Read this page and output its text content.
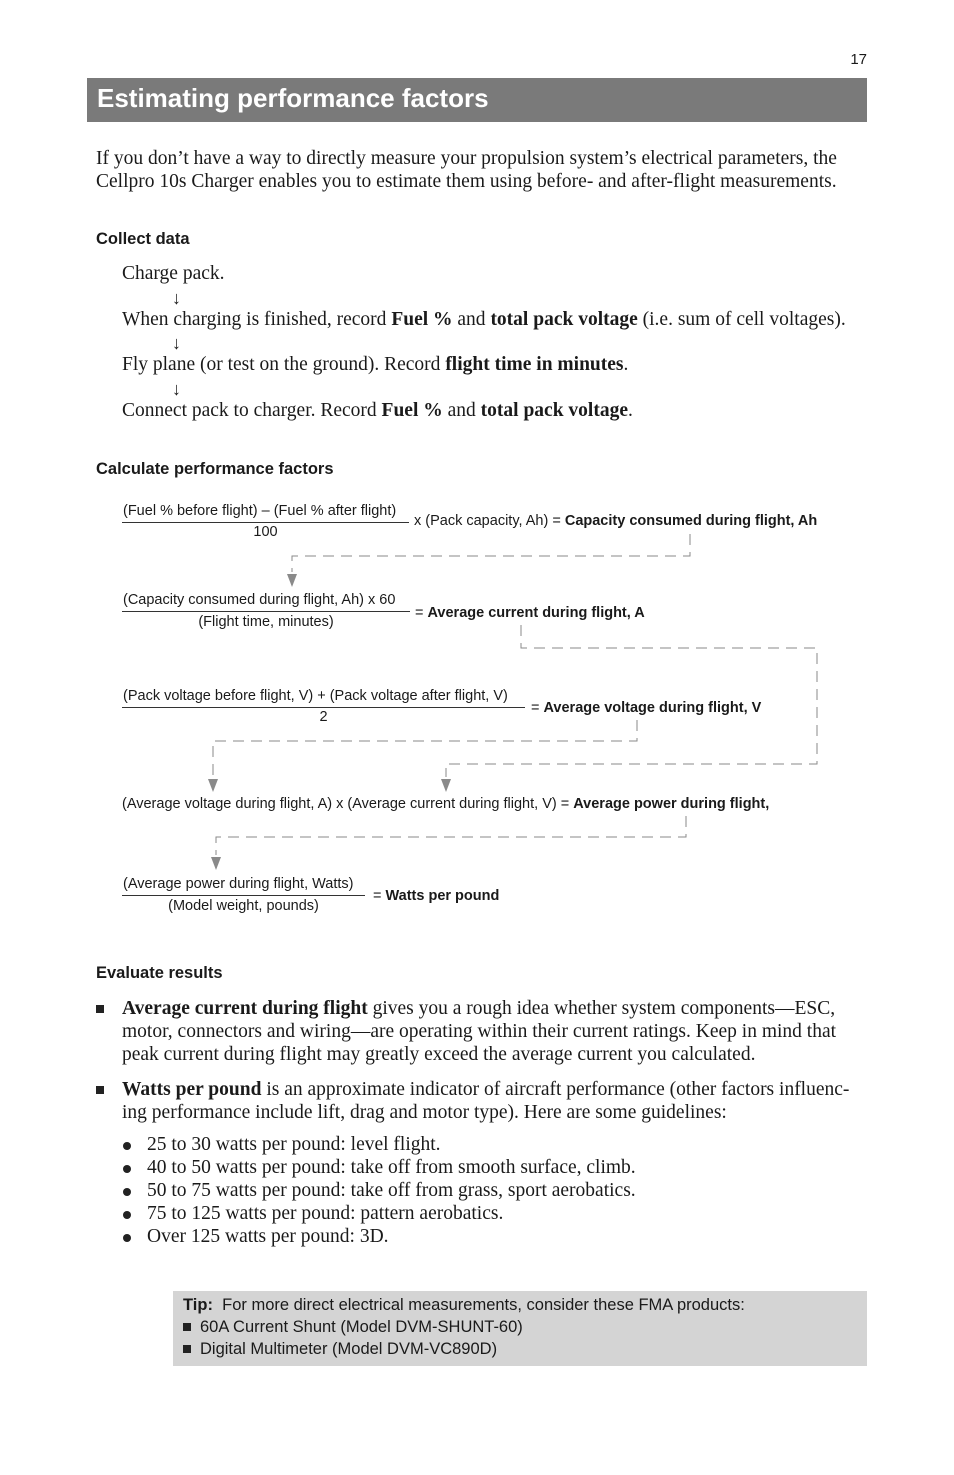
17
Estimating performance factors
If you don’t have a way to directly measure your propulsion system’s electrical parameters, the Cellpro 10s Charger enables you to estimate them using before- and after-flight measurements.
Collect data
Charge pack.
↓
When charging is finished, record Fuel % and total pack voltage (i.e. sum of cell voltages).
↓
Fly plane (or test on the ground). Record flight time in minutes.
↓
Connect pack to charger. Record Fuel % and total pack voltage.
Calculate performance factors
(Fuel % before flight) – (Fuel % after flight)
100
x (Pack capacity, Ah) = Capacity consumed during flight, Ah
(Capacity consumed during flight, Ah) x 60
(Flight time, minutes)
= Average current during flight, A
(Pack voltage before flight, V) + (Pack voltage after flight, V)
2
= Average voltage during flight, V
(Average voltage during flight, A) x (Average current during flight, V) = Average power during flight,
(Average power during flight, Watts)
(Model weight, pounds)
= Watts per pound
Evaluate results
Average current during flight gives you a rough idea whether system components—ESC,
motor, connectors and wiring—are operating within their current ratings. Keep in mind that
peak current during flight may greatly exceed the average current you calculated.
Watts per pound is an approximate indicator of aircraft performance (other factors influenc-
ing performance include lift, drag and motor type). Here are some guidelines:
25 to 30 watts per pound: level flight.
40 to 50 watts per pound: take off from smooth surface, climb.
50 to 75 watts per pound: take off from grass, sport aerobatics.
75 to 125 watts per pound: pattern aerobatics.
Over 125 watts per pound: 3D.
Tip:  For more direct electrical measurements, consider these FMA products:
60A Current Shunt (Model DVM-SHUNT-60)
Digital Multimeter (Model DVM-VC890D)
